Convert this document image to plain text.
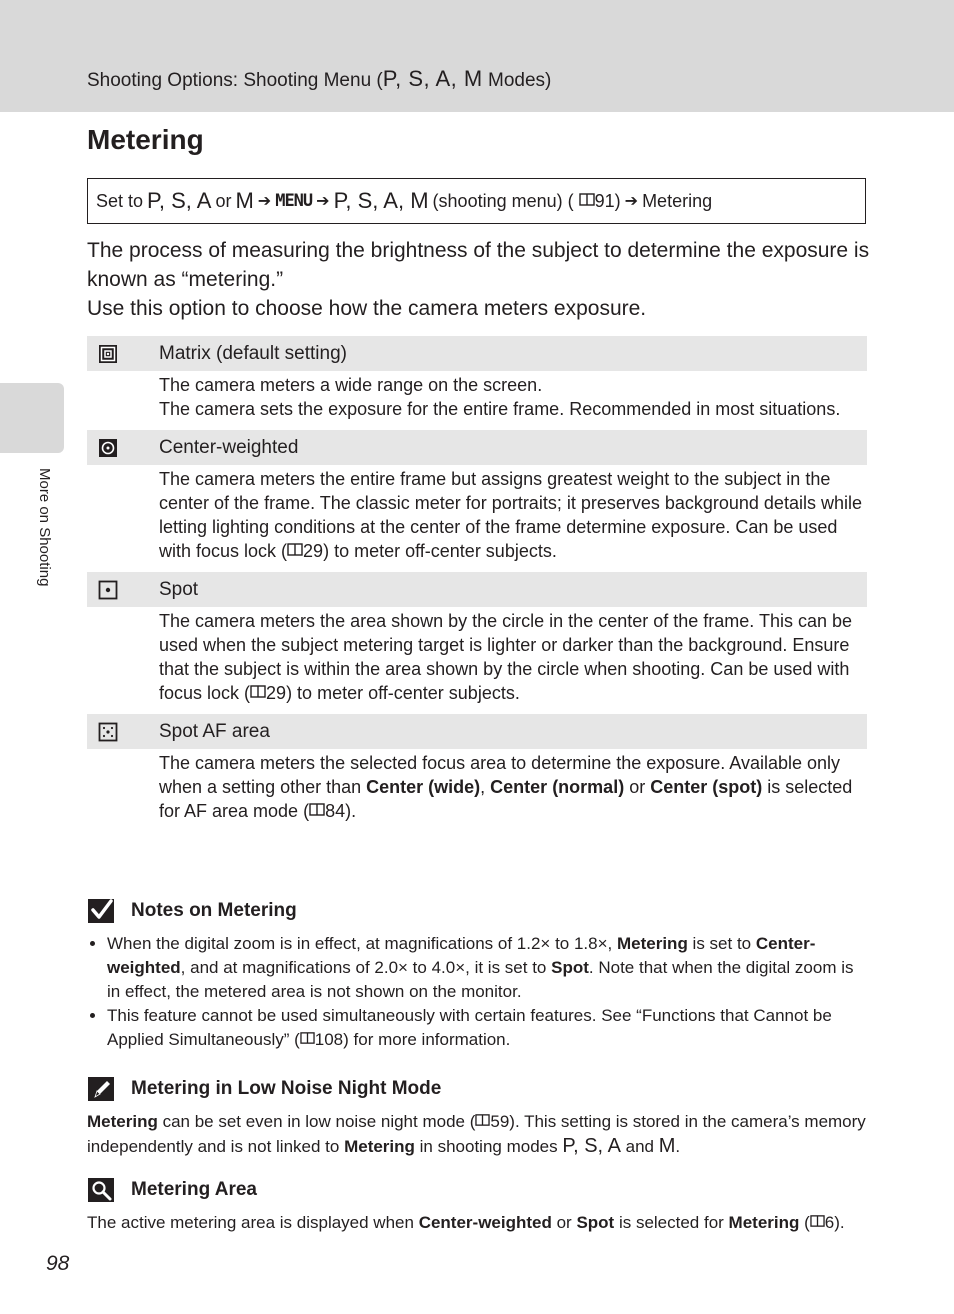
Shooting Options: Shooting Menu (P, S, A, M Modes)
More on Shooting
Metering
Set to P, S, A or M ➔ MENU ➔ P, S, A, M (shooting menu) ( 91) ➔ Metering

The process of measuring the brightness of the subject to determine the exposure is known as “metering.”

Use this option to choose how the camera meters exposure.

Matrix (default setting)

The camera meters a wide range on the screen.

The camera sets the exposure for the entire frame. Recommended in most situations.

Center-weighted

The camera meters the entire frame but assigns greatest weight to the subject in the center of the frame. The classic meter for portraits; it preserves background details while letting lighting conditions at the center of the frame determine exposure. Can be used with focus lock ( 29) to meter off-center subjects.

Spot

The camera meters the area shown by the circle in the center of the frame. This can be used when the subject metering target is lighter or darker than the background. Ensure that the subject is within the area shown by the circle when shooting. Can be used with focus lock ( 29) to meter off-center subjects.

Spot AF area

The camera meters the selected focus area to determine the exposure. Available only when a setting other than Center (wide), Center (normal) or Center (spot) is selected for AF area mode ( 84).

Notes on Metering
• When the digital zoom is in effect, at magnifications of 1.2× to 1.8×, Metering is set to Center-weighted, and at magnifications of 2.0× to 4.0×, it is set to Spot. Note that when the digital zoom is in effect, the metered area is not shown on the monitor.
• This feature cannot be used simultaneously with certain features. See “Functions that Cannot be Applied Simultaneously” ( 108) for more information.
Metering in Low Noise Night Mode

Metering can be set even in low noise night mode ( 59). This setting is stored in the camera’s memory independently and is not linked to Metering in shooting modes P, S, A and M.

Metering Area

The active metering area is displayed when Center-weighted or Spot is selected for Metering ( 6).

98
